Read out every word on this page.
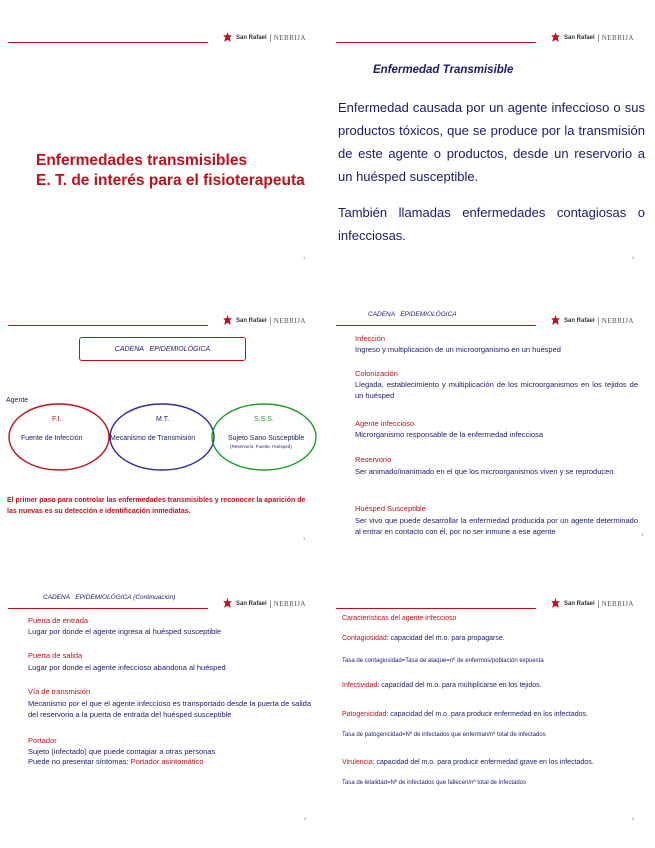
San Rafael	NEBRIJA
Enfermedades transmisibles
E. T. de interés para el fisioterapeuta
1
San Rafael	NEBRIJA
Enfermedad Transmisible
Enfermedad causada por un agente infeccioso o sus productos tóxicos, que se produce por la transmisión de este agente o productos, desde un reservorio a un huésped susceptible.
También llamadas enfermedades contagiosas o infecciosas.
2
San Rafael	NEBRIJA
CADENA   EPIDEMIOLÓGICA
Agente
F.I.
Fuente de Infección
M.T.
Mecanismo de Transmisión
S.S.S.
Sujeto Sano Susceptible
(Reservorio, Fuente, Huésped)
El primer paso para controlar las enfermedades transmisibles y reconocer la aparición de las nuevas es su detección e identificación inmediatas.
3
CADENA   EPIDEMIOLÓGICA
San Rafael	NEBRIJA
Infección
Ingreso y multiplicación de un microorganismo en un huésped
Colonización
Llegada, establecimiento y multiplicación de los microorganismos en los tejidos de un huésped
Agente infeccioso
Microrganismo responsable de la enfermedad infecciosa
Reservorio
Ser animado/inanimado en el que los microorganismos viven y se reproducen.
Huésped Susceptible
Ser vivo que puede desarrollar la enfermedad producida por un agente determinado al entrar en contacto con él, por no ser inmune a ese agente	4
CADENA   EPIDEMIOLÓGICA (Continuación)
San Rafael	NEBRIJA
Puerta de entrada
Lugar por donde el agente ingresa al huésped susceptible
Puerta de salida
Lugar por donde el agente infeccioso abandona al huésped
Vía de transmisión
Mecanismo por el que el agente infeccioso es transportado desde la puerta de salida del reservorio a la puerta de entrada del huésped susceptible
Portador
Sujeto (infectado) que puede contagiar a otras personas
Puede no presentar síntomas: Portador asintomático
5
San Rafael	NEBRIJA
Características del agente infeccioso
Contagiosidad: capacidad del m.o. para propagarse.
Tasa de contagiosidad=Tasa de ataque=nº de enfermos/población expuesta
Infectividad: capacidad del m.o. para multiplicarse en los tejidos.
Patogenicidad: capacidad del m.o. para producir enfermedad en los infectados.
Tasa de patogenicidad=Nº de infectados que enferman/nº total de infectados
Virulencia: capacidad del m.o. para producir enfermedad grave en los infectados.
Tasa de letalidad=Nº de infectados que fallecen/nº total de infectados
6
